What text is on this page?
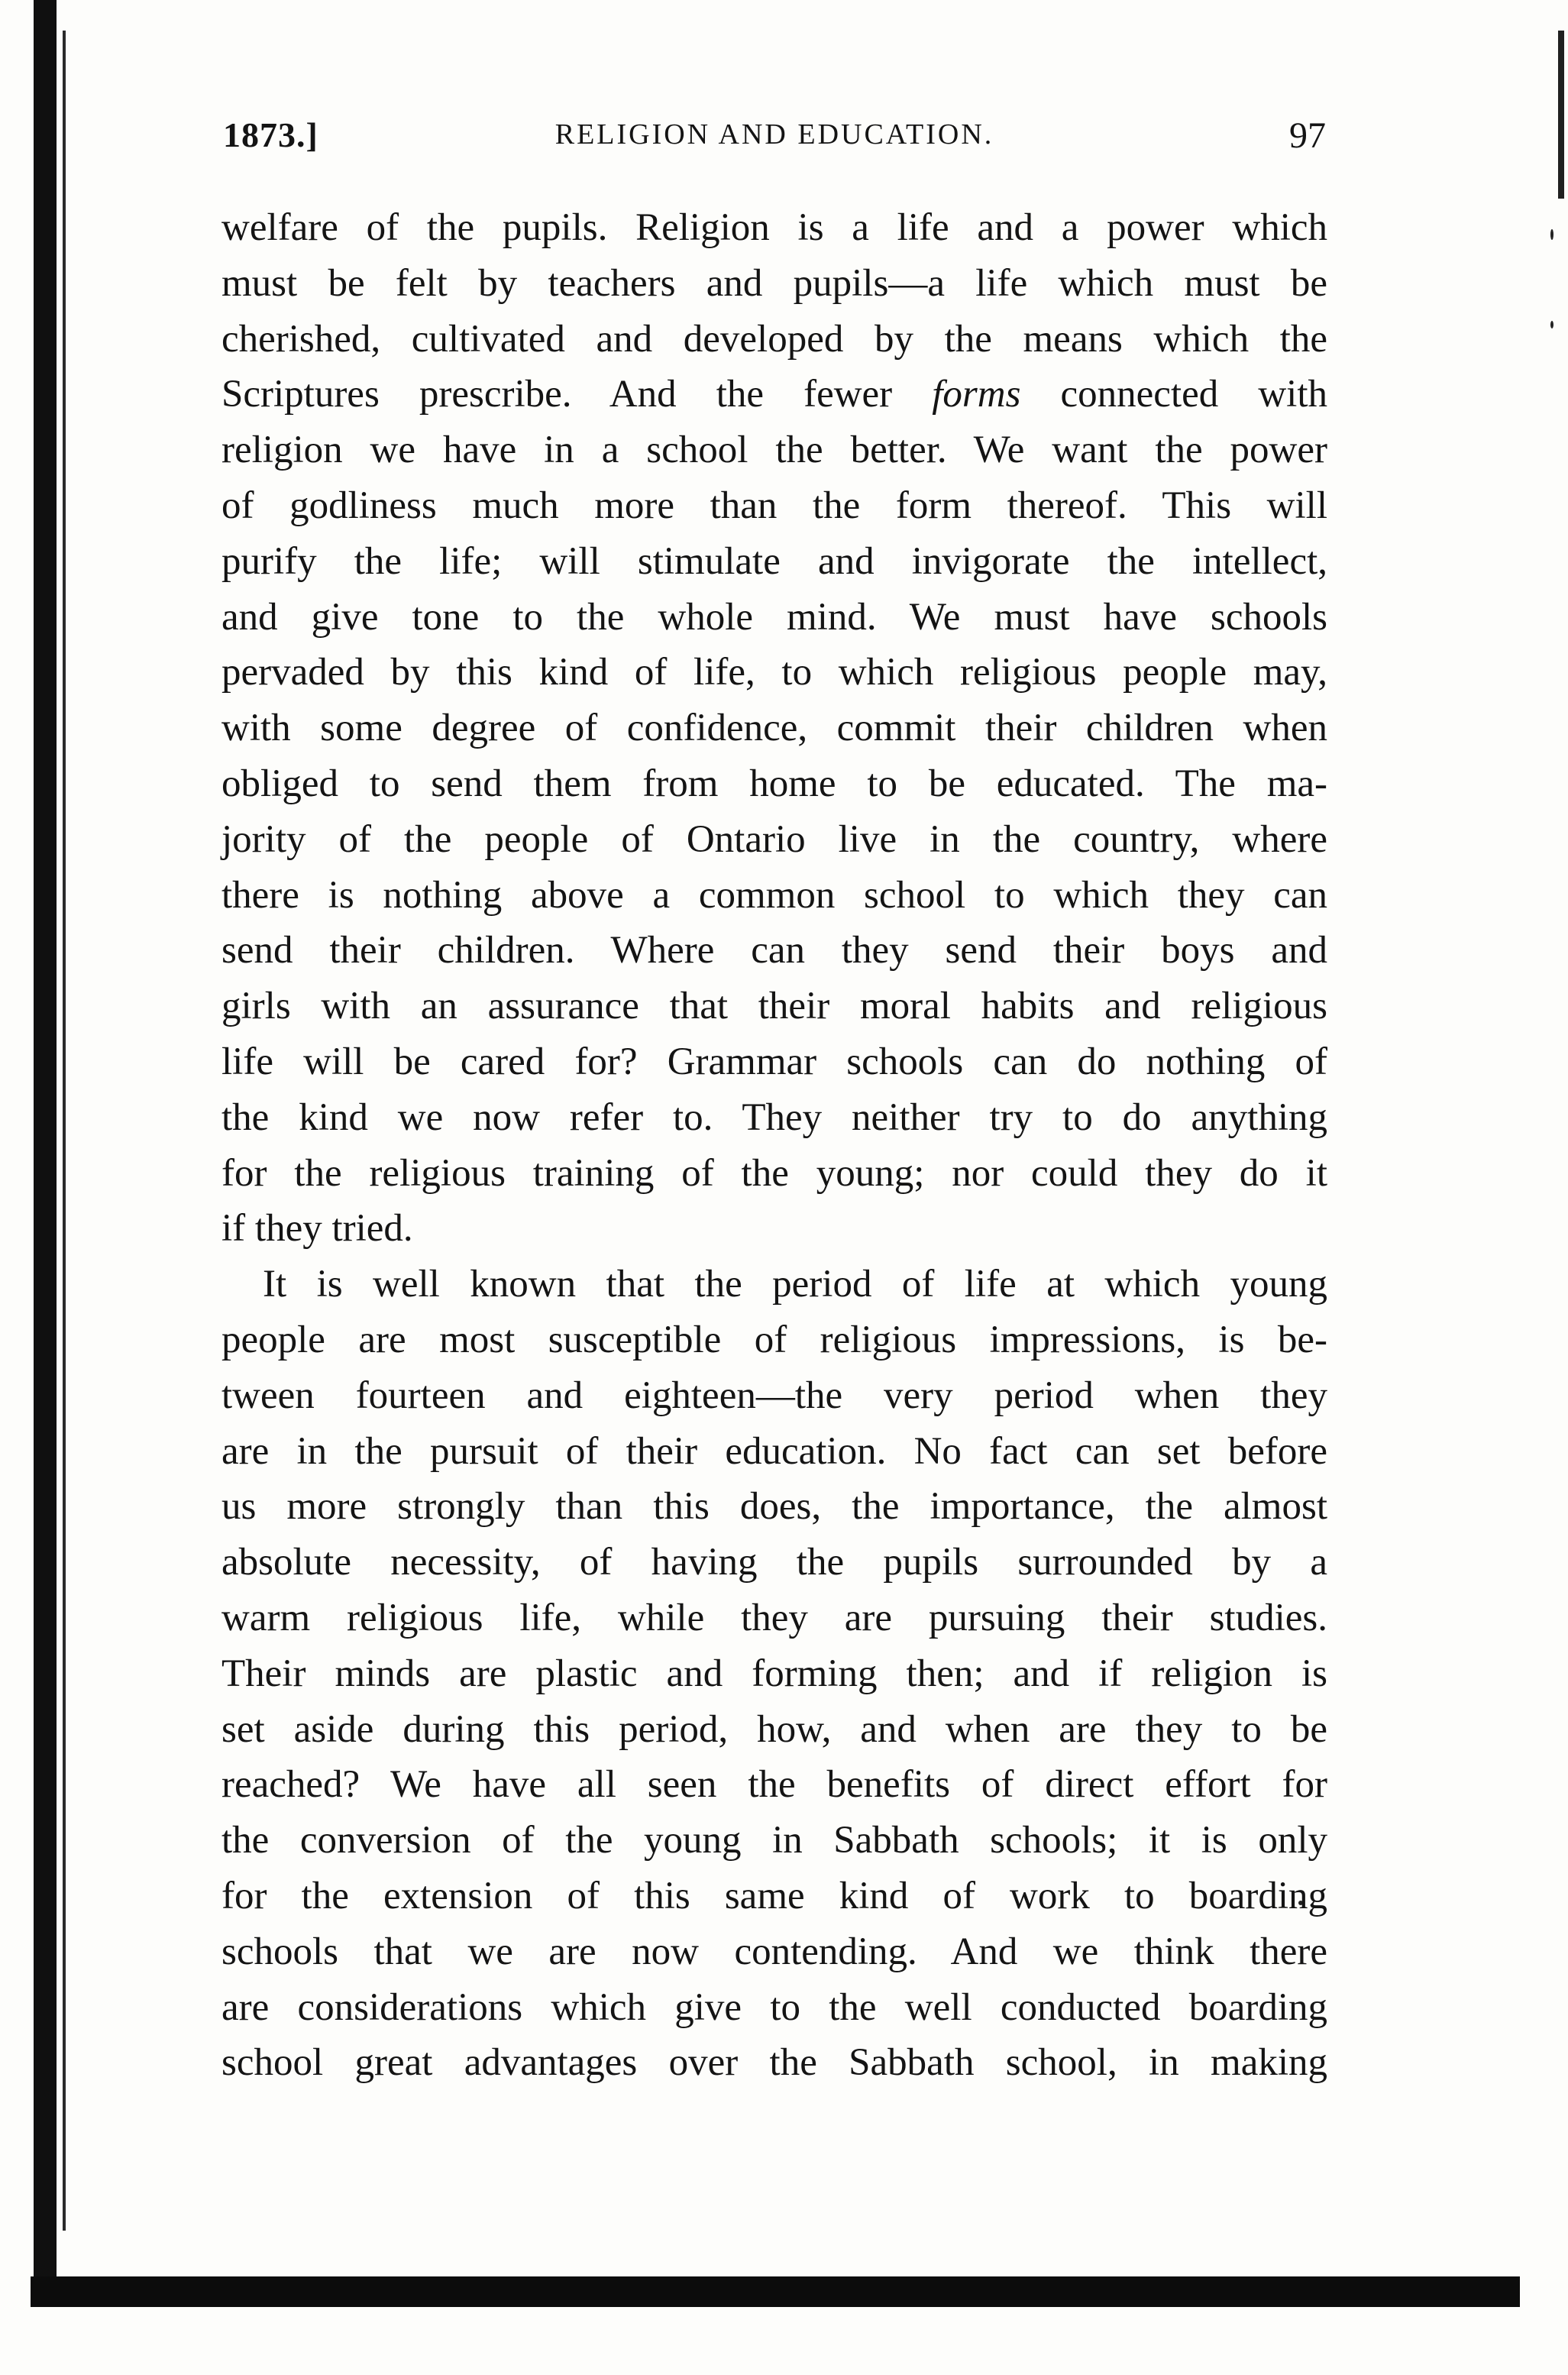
1873.]	RELIGION AND EDUCATION.	97

welfare of the pupils. Religion is a life and a power which
must be felt by teachers and pupils—a life which must be
cherished, cultivated and developed by the means which the
Scriptures prescribe. And the fewer forms connected with
religion we have in a school the better. We want the power
of godliness much more than the form thereof. This will
purify the life; will stimulate and invigorate the intellect,
and give tone to the whole mind. We must have schools
pervaded by this kind of life, to which religious people may,
with some degree of confidence, commit their children when
obliged to send them from home to be educated. The ma-
jority of the people of Ontario live in the country, where
there is nothing above a common school to which they can
send their children. Where can they send their boys and
girls with an assurance that their moral habits and religious
life will be cared for? Grammar schools can do nothing of
the kind we now refer to. They neither try to do anything
for the religious training of the young; nor could they do it
if they tried.

It is well known that the period of life at which young
people are most susceptible of religious impressions, is be-
tween fourteen and eighteen—the very period when they
are in the pursuit of their education. No fact can set before
us more strongly than this does, the importance, the almost
absolute necessity, of having the pupils surrounded by a
warm religious life, while they are pursuing their studies.
Their minds are plastic and forming then; and if religion is
set aside during this period, how, and when are they to be
reached? We have all seen the benefits of direct effort for
the conversion of the young in Sabbath schools; it is only
for the extension of this same kind of work to boarding
schools that we are now contending. And we think there
are considerations which give to the well conducted boarding
school great advantages over the Sabbath school, in making
